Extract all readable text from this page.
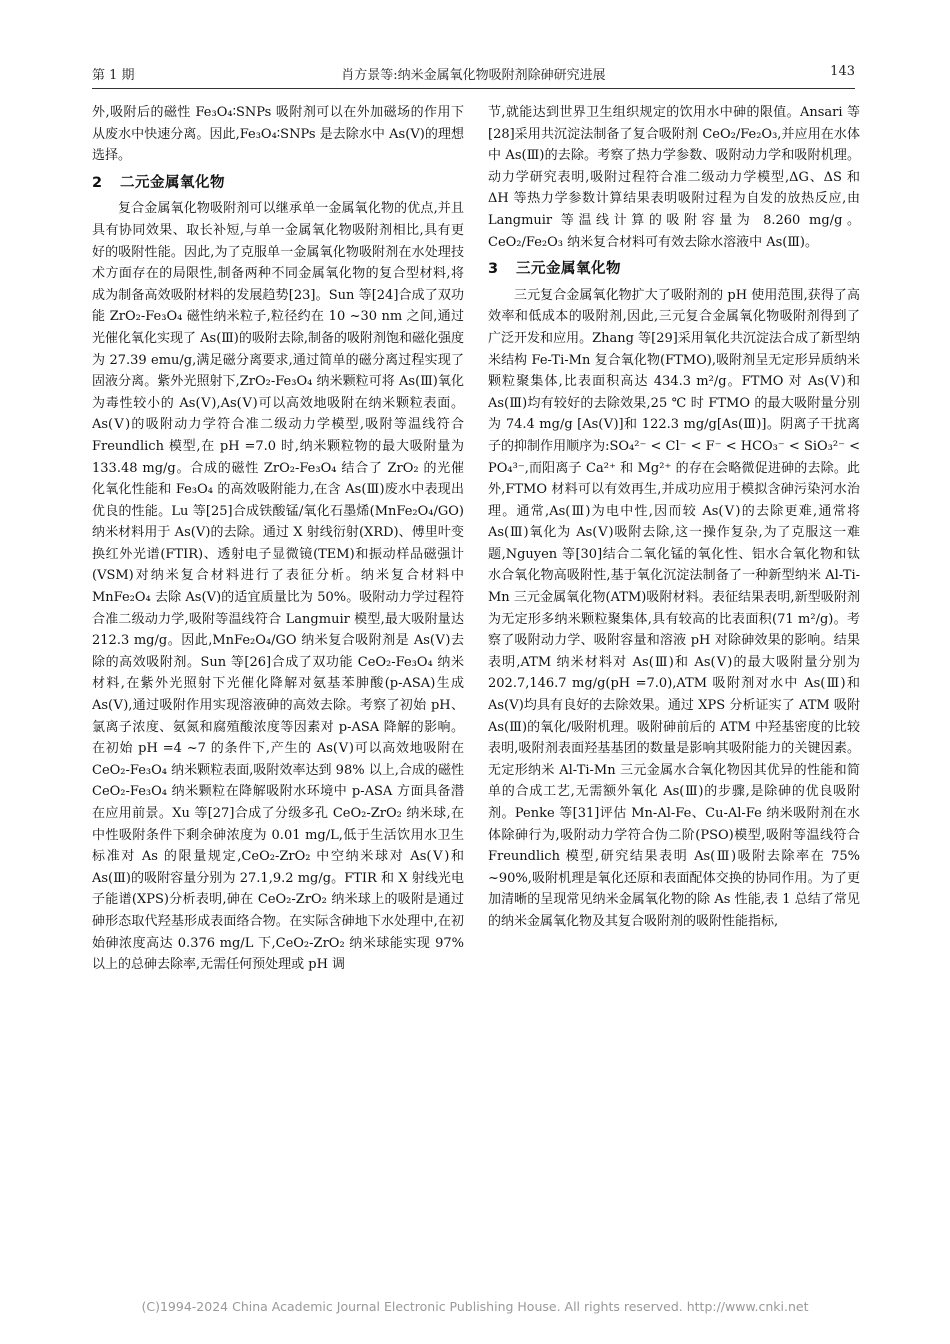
第 1 期	肖方景等:纳米金属氧化物吸附剂除砷研究进展	143

外,吸附后的磁性 Fe₃O₄∶SNPs 吸附剂可以在外加磁场的作用下从废水中快速分离。因此,Fe₃O₄∶SNPs 是去除水中 As(Ⅴ)的理想选择。

2 二元金属氧化物

复合金属氧化物吸附剂可以继承单一金属氧化物的优点,并且具有协同效果、取长补短,与单一金属氧化物吸附剂相比,具有更好的吸附性能。因此,为了克服单一金属氧化物吸附剂在水处理技术方面存在的局限性,制备两种不同金属氧化物的复合型材料,将成为制备高效吸附材料的发展趋势[23]。Sun 等[24]合成了双功能 ZrO₂-Fe₃O₄ 磁性纳米粒子,粒径约在 10 ~30 nm 之间,通过光催化氧化实现了 As(Ⅲ)的吸附去除,制备的吸附剂饱和磁化强度为 27.39 emu/g,满足磁分离要求,通过简单的磁分离过程实现了固液分离。紫外光照射下,ZrO₂-Fe₃O₄ 纳米颗粒可将 As(Ⅲ)氧化为毒性较小的 As(Ⅴ),As(Ⅴ)可以高效地吸附在纳米颗粒表面。As(Ⅴ)的吸附动力学符合准二级动力学模型,吸附等温线符合 Freundlich 模型,在 pH =7.0 时,纳米颗粒物的最大吸附量为 133.48 mg/g。合成的磁性 ZrO₂-Fe₃O₄ 结合了 ZrO₂ 的光催化氧化性能和 Fe₃O₄ 的高效吸附能力,在含 As(Ⅲ)废水中表现出优良的性能。Lu 等[25]合成铁酸锰/氧化石墨烯(MnFe₂O₄/GO)纳米材料用于 As(Ⅴ)的去除。通过 X 射线衍射(XRD)、傅里叶变换红外光谱(FTIR)、透射电子显微镜(TEM)和振动样品磁强计(VSM)对纳米复合材料进行了表征分析。纳米复合材料中 MnFe₂O₄ 去除 As(Ⅴ)的适宜质量比为 50%。吸附动力学过程符合准二级动力学,吸附等温线符合 Langmuir 模型,最大吸附量达 212.3 mg/g。因此,MnFe₂O₄/GO 纳米复合吸附剂是 As(Ⅴ)去除的高效吸附剂。Sun 等[26]合成了双功能 CeO₂-Fe₃O₄ 纳米材料,在紫外光照射下光催化降解对氨基苯胂酸(p-ASA)生成 As(Ⅴ),通过吸附作用实现溶液砷的高效去除。考察了初始 pH、氯离子浓度、氨氮和腐殖酸浓度等因素对 p-ASA 降解的影响。在初始 pH =4 ~7 的条件下,产生的 As(Ⅴ)可以高效地吸附在 CeO₂-Fe₃O₄ 纳米颗粒表面,吸附效率达到 98% 以上,合成的磁性 CeO₂-Fe₃O₄ 纳米颗粒在降解吸附水环境中 p-ASA 方面具备潜在应用前景。Xu 等[27]合成了分级多孔 CeO₂-ZrO₂ 纳米球,在中性吸附条件下剩余砷浓度为 0.01 mg/L,低于生活饮用水卫生标准对 As 的限量规定,CeO₂-ZrO₂ 中空纳米球对 As(Ⅴ)和 As(Ⅲ)的吸附容量分别为 27.1,9.2 mg/g。FTIR 和 X 射线光电子能谱(XPS)分析表明,砷在 CeO₂-ZrO₂ 纳米球上的吸附是通过砷形态取代羟基形成表面络合物。在实际含砷地下水处理中,在初始砷浓度高达 0.376 mg/L 下,CeO₂-ZrO₂ 纳米球能实现 97% 以上的总砷去除率,无需任何预处理或 pH 调

节,就能达到世界卫生组织规定的饮用水中砷的限值。Ansari 等[28]采用共沉淀法制备了复合吸附剂 CeO₂/Fe₂O₃,并应用在水体中 As(Ⅲ)的去除。考察了热力学参数、吸附动力学和吸附机理。动力学研究表明,吸附过程符合准二级动力学模型,ΔG、ΔS 和 ΔH 等热力学参数计算结果表明吸附过程为自发的放热反应,由 Langmuir 等温线计算的吸附容量为 8.260 mg/g。CeO₂/Fe₂O₃ 纳米复合材料可有效去除水溶液中 As(Ⅲ)。

3 三元金属氧化物

三元复合金属氧化物扩大了吸附剂的 pH 使用范围,获得了高效率和低成本的吸附剂,因此,三元复合金属氧化物吸附剂得到了广泛开发和应用。Zhang 等[29]采用氧化共沉淀法合成了新型纳米结构 Fe-Ti-Mn 复合氧化物(FTMO),吸附剂呈无定形异质纳米颗粒聚集体,比表面积高达 434.3 m²/g。FTMO 对 As(Ⅴ)和 As(Ⅲ)均有较好的去除效果,25 ℃ 时 FTMO 的最大吸附量分别为 74.4 mg/g [As(Ⅴ)]和 122.3 mg/g[As(Ⅲ)]。阴离子干扰离子的抑制作用顺序为:SO₄²⁻ < Cl⁻ < F⁻ < HCO₃⁻ < SiO₃²⁻ < PO₄³⁻,而阳离子 Ca²⁺ 和 Mg²⁺ 的存在会略微促进砷的去除。此外,FTMO 材料可以有效再生,并成功应用于模拟含砷污染河水治理。通常,As(Ⅲ)为电中性,因而较 As(Ⅴ)的去除更难,通常将 As(Ⅲ)氧化为 As(Ⅴ)吸附去除,这一操作复杂,为了克服这一难题,Nguyen 等[30]结合二氧化锰的氧化性、铝水合氧化物和钛水合氧化物高吸附性,基于氧化沉淀法制备了一种新型纳米 Al-Ti-Mn 三元金属氧化物(ATM)吸附材料。表征结果表明,新型吸附剂为无定形多纳米颗粒聚集体,具有较高的比表面积(71 m²/g)。考察了吸附动力学、吸附容量和溶液 pH 对除砷效果的影响。结果表明,ATM 纳米材料对 As(Ⅲ)和 As(Ⅴ)的最大吸附量分别为 202.7,146.7 mg/g(pH =7.0),ATM 吸附剂对水中 As(Ⅲ)和 As(Ⅴ)均具有良好的去除效果。通过 XPS 分析证实了 ATM 吸附 As(Ⅲ)的氧化/吸附机理。吸附砷前后的 ATM 中羟基密度的比较表明,吸附剂表面羟基基团的数量是影响其吸附能力的关键因素。无定形纳米 Al-Ti-Mn 三元金属水合氧化物因其优异的性能和简单的合成工艺,无需额外氧化 As(Ⅲ)的步骤,是除砷的优良吸附剂。Penke 等[31]评估 Mn-Al-Fe、Cu-Al-Fe 纳米吸附剂在水体除砷行为,吸附动力学符合伪二阶(PSO)模型,吸附等温线符合 Freundlich 模型,研究结果表明 As(Ⅲ)吸附去除率在 75% ~90%,吸附机理是氧化还原和表面配体交换的协同作用。为了更加清晰的呈现常见纳米金属氧化物的除 As 性能,表 1 总结了常见的纳米金属氧化物及其复合吸附剂的吸附性能指标,

(C)1994-2024 China Academic Journal Electronic Publishing House. All rights reserved. http://www.cnki.net
